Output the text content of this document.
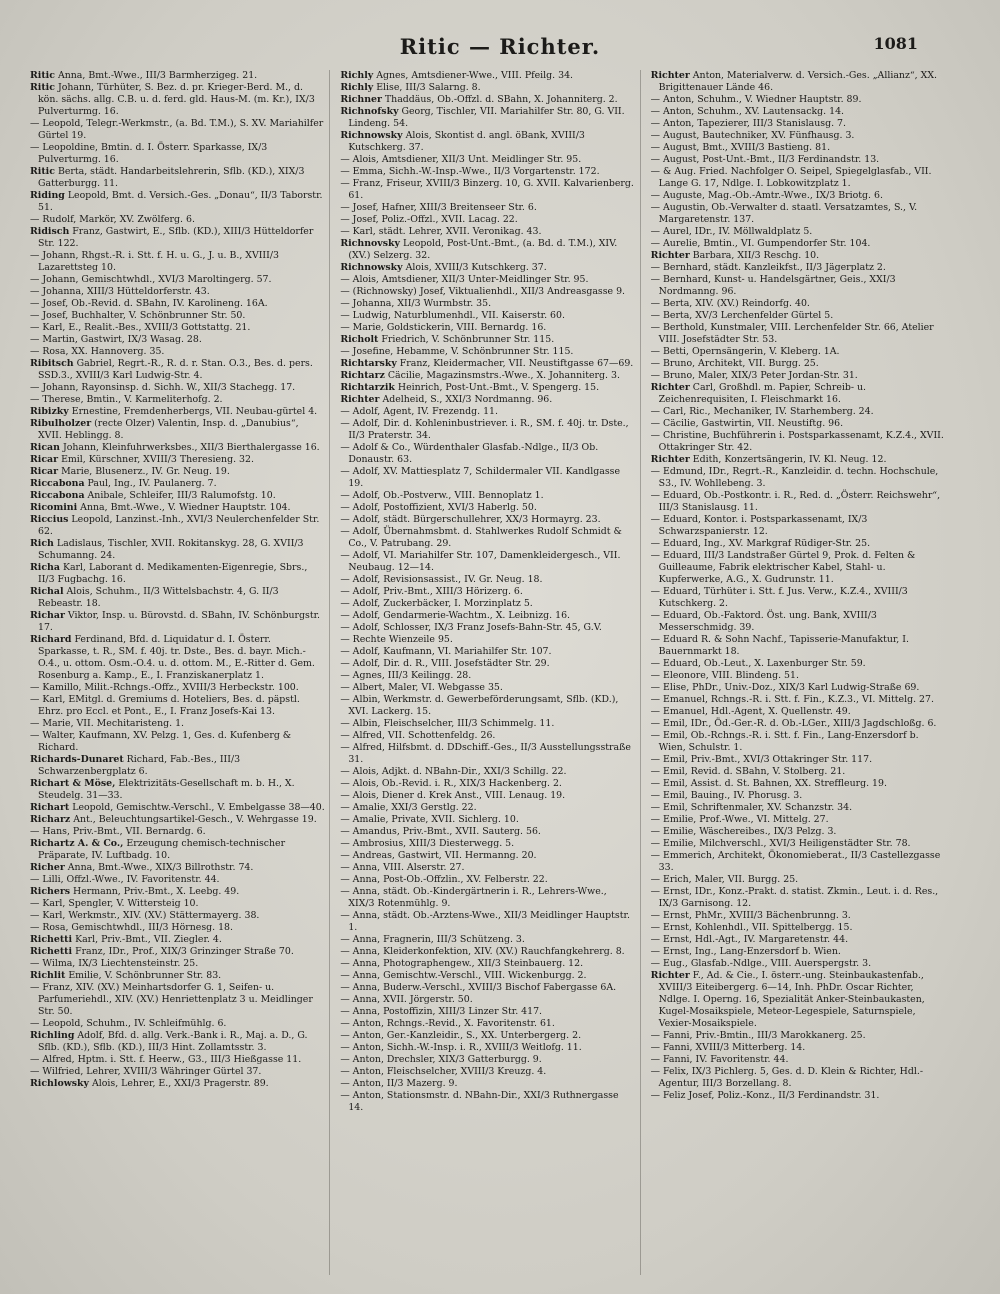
Ritic — Richter.	1081

Ritic Anna, Bmt.-Wwe., III/3 Barmherzigeg. 21.

Ritic Johann, Türhüter, S. Bez. d. pr. Krieger-Berd. M., d. kön. sächs. allg. C.B. u. d. ferd. gld. Haus-M. (m. Kr.), IX/3 Pulverturmg. 16.

— Leopold, Telegr.-Werkmstr., (a. Bd. T.M.), S. XV. Mariahilfer Gürtel 19.

— Leopoldine, Bmtin. d. I. Österr. Sparkasse, IX/3 Pulverturmg. 16.

Ritic Berta, städt. Handarbeitslehrerin, Sflb. (KD.), XIX/3 Gatterburgg. 11.

Riding Leopold, Bmt. d. Versich.-Ges. „Donau“, II/3 Taborstr. 51.

— Rudolf, Markör, XV. Zwölferg. 6.

Ridisch Franz, Gastwirt, E., Sflb. (KD.), XIII/3 Hütteldorfer Str. 122.

— Johann, Rhgst.-R. i. Stt. f. H. u. G., J. u. B., XVIII/3 Lazarettsteg 10.

— Johann, Gemischtwhdl., XVI/3 Maroltingerg. 57.

— Johanna, XIII/3 Hütteldorferstr. 43.

— Josef, Ob.-Revid. d. SBahn, IV. Karolineng. 16A.

— Josef, Buchhalter, V. Schönbrunner Str. 50.

— Karl, E., Realit.-Bes., XVIII/3 Gottstattg. 21.

— Martin, Gastwirt, IX/3 Wasag. 28.

— Rosa, XX. Hannoverg. 35.

Ribitsch Gabriel, Regrt.-R., R. d. r. Stan. O.3., Bes. d. pers. SSD.3., XVIII/3 Karl Ludwig-Str. 4.

— Johann, Rayonsinsp. d. Sichh. W., XII/3 Stachegg. 17.

— Therese, Bmtin., V. Karmeliterhofg. 2.

Ribizky Ernestine, Fremdenherbergs, VII. Neubau-gürtel 4.

Ribulholzer (recte Olzer) Valentin, Insp. d. „Danubius“, XVII. Heblingg. 8.

Rican Johann, Kleinfuhrwerksbes., XII/3 Bierthalergasse 16.

Ricar Emil, Kürschner, XVIII/3 Theresieng. 32.

Ricar Marie, Blusenerz., IV. Gr. Neug. 19.

Riccabona Paul, Ing., IV. Paulanerg. 7.

Riccabona Anibale, Schleifer, III/3 Ralumofstg. 10.

Ricomini Anna, Bmt.-Wwe., V. Wiedner Hauptstr. 104.

Riccius Leopold, Lanzinst.-Inh., XVI/3 Neulerchenfelder Str. 62.

Rich Ladislaus, Tischler, XVII. Rokitanskyg. 28, G. XVII/3 Schumanng. 24.

Richa Karl, Laborant d. Medikamenten-Eigenregie, Sbrs., II/3 Fugbachg. 16.

Richal Alois, Schuhm., II/3 Wittelsbachstr. 4, G. II/3 Rebeastr. 18.

Richar Viktor, Insp. u. Bürovstd. d. SBahn, IV. Schönburgstr. 17.

Richard Ferdinand, Bfd. d. Liquidatur d. I. Österr. Sparkasse, t. R., SM. f. 40j. tr. Dste., Bes. d. bayr. Mich.-O.4., u. ottom. Osm.-O.4. u. d. ottom. M., E.-Ritter d. Gem. Rosenburg a. Kamp., E., I. Franziskanerplatz 1.

— Kamillo, Milit.-Rchngs.-Offz., XVIII/3 Herbeckstr. 100.

— Karl, EMitgl. d. Gremiums d. Hoteliers, Bes. d. päpstl. Ehrz. pro Eccl. et Pont., E., I. Franz Josefs-Kai 13.

— Marie, VII. Mechitaristeng. 1.

— Walter, Kaufmann, XV. Pelzg. 1, Ges. d. Kufenberg & Richard.

Richards-Dunaret Richard, Fab.-Bes., III/3 Schwarzenbergplatz 6.

Richart & Möse, Elektrizitäts-Gesellschaft m. b. H., X. Steudelg. 31—33.

Richart Leopold, Gemischtw.-Verschl., V. Embelgasse 38—40.

Richarz Ant., Beleuchtungsartikel-Gesch., V. Wehrgasse 19.

— Hans, Priv.-Bmt., VII. Bernardg. 6.

Richartz A. & Co., Erzeugung chemisch-technischer Präparate, IV. Luftbadg. 10.

Richer Anna, Bmt.-Wwe., XIX/3 Billrothstr. 74.

— Lilli, Offzl.-Wwe., IV. Favoritenstr. 44.

Richers Hermann, Priv.-Bmt., X. Leebg. 49.

— Karl, Spengler, V. Wittersteig 10.

— Karl, Werkmstr., XIV. (XV.) Stättermayerg. 38.

— Rosa, Gemischtwhdl., III/3 Hörnesg. 18.

Richetti Karl, Priv.-Bmt., VII. Ziegler. 4.

Richetti Franz, IDr., Prof., XIX/3 Grinzinger Straße 70.

— Wilma, IX/3 Liechtensteinstr. 25.

Richlit Emilie, V. Schönbrunner Str. 83.

— Franz, XIV. (XV.) Meinhartsdorfer G. 1, Seifen- u. Parfumeriehdl., XIV. (XV.) Henriettenplatz 3 u. Meidlinger Str. 50.

— Leopold, Schuhm., IV. Schleifmühlg. 6.

Richling Adolf, Bfd. d. allg. Verk.-Bank i. R., Maj. a. D., G. Sflb. (KD.), Sflb. (KD.), III/3 Hint. Zollamtsstr. 3.

— Alfred, Hptm. i. Stt. f. Heerw., G3., III/3 Hießgasse 11.

— Wilfried, Lehrer, XVIII/3 Währinger Gürtel 37.

Richlowsky Alois, Lehrer, E., XXI/3 Pragerstr. 89.

Richly Agnes, Amtsdiener-Wwe., VIII. Pfeilg. 34.

Richly Elise, III/3 Salarng. 8.

Richner Thaddäus, Ob.-Offzl. d. SBahn, X. Johanniterg. 2.

Richnofsky Georg, Tischler, VII. Mariahilfer Str. 80, G. VII. Lindeng. 54.

Richnowsky Alois, Skontist d. angl. öBank, XVIII/3 Kutschkerg. 37.

— Alois, Amtsdiener, XII/3 Unt. Meidlinger Str. 95.

— Emma, Sichh.-W.-Insp.-Wwe., II/3 Vorgartenstr. 172.

— Franz, Friseur, XVIII/3 Binzerg. 10, G. XVII. Kalvarienberg. 61.

— Josef, Hafner, XIII/3 Breitenseer Str. 6.

— Josef, Poliz.-Offzl., XVII. Lacag. 22.

— Karl, städt. Lehrer, XVII. Veronikag. 43.

Richnovsky Leopold, Post-Unt.-Bmt., (a. Bd. d. T.M.), XIV. (XV.) Selzerg. 32.

Richnowsky Alois, XVIII/3 Kutschkerg. 37.

— Alois, Amtsdiener, XII/3 Unter-Meidlinger Str. 95.

— (Richnowsky) Josef, Viktualienhdl., XII/3 Andreasgasse 9.

— Johanna, XII/3 Wurmbstr. 35.

— Ludwig, Naturblumenhdl., VII. Kaiserstr. 60.

— Marie, Goldstickerin, VIII. Bernardg. 16.

Richolt Friedrich, V. Schönbrunner Str. 115.

— Josefine, Hebamme, V. Schönbrunner Str. 115.

Richtarsky Franz, Kleidermacher, VII. Neustiftgasse 67—69.

Richtarz Cäcilie, Magazinsmstrs.-Wwe., X. Johanniterg. 3.

Richtarzik Heinrich, Post-Unt.-Bmt., V. Spengerg. 15.

Richter Adelheid, S., XXI/3 Nordmanng. 96.

— Adolf, Agent, IV. Frezendg. 11.

— Adolf, Dir. d. Kohleninbustriever. i. R., SM. f. 40j. tr. Dste., II/3 Praterstr. 34.

— Adolf & Co., Würdenthaler Glasfab.-Ndlge., II/3 Ob. Donaustr. 63.

— Adolf, XV. Mattiesplatz 7, Schildermaler VII. Kandlgasse 19.

— Adolf, Ob.-Postverw., VIII. Bennoplatz 1.

— Adolf, Postoffizient, XVI/3 Haberlg. 50.

— Adolf, städt. Bürgerschullehrer, XX/3 Hormayrg. 23.

— Adolf, Übernahmsbmt. d. Stahlwerkes Rudolf Schmidt & Co., V. Patrubang. 29.

— Adolf, VI. Mariahilfer Str. 107, Damenkleidergesch., VII. Neubaug. 12—14.

— Adolf, Revisionsassist., IV. Gr. Neug. 18.

— Adolf, Priv.-Bmt., XIII/3 Hörizerg. 6.

— Adolf, Zuckerbäcker, I. Morzinplatz 5.

— Adolf, Gendarmerie-Wachtm., X. Leibnizg. 16.

— Adolf, Schlosser, IX/3 Franz Josefs-Bahn-Str. 45, G.V.

— Rechte Wienzeile 95.

— Adolf, Kaufmann, VI. Mariahilfer Str. 107.

— Adolf, Dir. d. R., VIII. Josefstädter Str. 29.

— Agnes, III/3 Keilingg. 28.

— Albert, Maler, VI. Webgasse 35.

— Albin, Werkmstr. d. Gewerbeförderungsamt, Sflb. (KD.), XVI. Lackerg. 15.

— Albin, Fleischselcher, III/3 Schimmelg. 11.

— Alfred, VII. Schottenfeldg. 26.

— Alfred, Hilfsbmt. d. DDschiff.-Ges., II/3 Ausstellungsstraße 31.

— Alois, Adjkt. d. NBahn-Dir., XXI/3 Schillg. 22.

— Alois, Ob.-Revid. i. R., XIX/3 Hackenberg. 2.

— Alois, Diener d. Krek Anst., VIII. Lenaug. 19.

— Amalie, XXI/3 Gerstlg. 22.

— Amalie, Private, XVII. Sichlerg. 10.

— Amandus, Priv.-Bmt., XVII. Sauterg. 56.

— Ambrosius, XIII/3 Diesterwegg. 5.

— Andreas, Gastwirt, VII. Hermanng. 20.

— Anna, VIII. Alserstr. 27.

— Anna, Post-Ob.-Offzlin., XV. Felberstr. 22.

— Anna, städt. Ob.-Kindergärtnerin i. R., Lehrers-Wwe., XIX/3 Rotenmühlg. 9.

— Anna, städt. Ob.-Arztens-Wwe., XII/3 Meidlinger Hauptstr. 1.

— Anna, Fragnerin, III/3 Schützeng. 3.

— Anna, Kleiderkonfektion, XIV. (XV.) Rauchfangkehrerg. 8.

— Anna, Photographengew., XII/3 Steinbauerg. 12.

— Anna, Gemischtw.-Verschl., VIII. Wickenburgg. 2.

— Anna, Buderw.-Verschl., XVIII/3 Bischof Fabergasse 6A.

— Anna, XVII. Jörgerstr. 50.

— Anna, Postoffizin, XIII/3 Linzer Str. 417.

— Anton, Rchngs.-Revid., X. Favoritenstr. 61.

— Anton, Ger.-Kanzleidir., S., XX. Unterbergerg. 2.

— Anton, Sichh.-W.-Insp. i. R., XVIII/3 Weitlofg. 11.

— Anton, Drechsler, XIX/3 Gatterburgg. 9.

— Anton, Fleischselcher, XVIII/3 Kreuzg. 4.

— Anton, II/3 Mazerg. 9.

— Anton, Stationsmstr. d. NBahn-Dir., XXI/3 Ruthnergasse 14.

Richter Anton, Materialverw. d. Versich.-Ges. „Allianz“, XX. Brigittenauer Lände 46.

— Anton, Schuhm., V. Wiedner Hauptstr. 89.

— Anton, Schuhm., XV. Lautensackg. 14.

— Anton, Tapezierer, III/3 Stanislausg. 7.

— August, Bautechniker, XV. Fünfhausg. 3.

— August, Bmt., XVIII/3 Bastieng. 81.

— August, Post-Unt.-Bmt., II/3 Ferdinandstr. 13.

— & Aug. Fried. Nachfolger O. Seipel, Spiegelglasfab., VII. Lange G. 17, Ndlge. I. Lobkowitzplatz 1.

— Auguste, Mag.-Ob.-Amtr.-Wwe., IX/3 Briotg. 6.

— Augustin, Ob.-Verwalter d. staatl. Versatzamtes, S., V. Margaretenstr. 137.

— Aurel, IDr., IV. Möllwaldplatz 5.

— Aurelie, Bmtin., VI. Gumpendorfer Str. 104.

Richter Barbara, XII/3 Reschg. 10.

— Bernhard, städt. Kanzleikfst., II/3 Jägerplatz 2.

— Bernhard, Kunst- u. Handelsgärtner, Geis., XXI/3 Nordmanng. 96.

— Berta, XIV. (XV.) Reindorfg. 40.

— Berta, XV/3 Lerchenfelder Gürtel 5.

— Berthold, Kunstmaler, VIII. Lerchenfelder Str. 66, Atelier VIII. Josefstädter Str. 53.

— Betti, Opernsängerin, V. Kleberg. 1A.

— Bruno, Architekt, VII. Burgg. 25.

— Bruno, Maler, XIX/3 Peter Jordan-Str. 31.

Richter Carl, Großhdl. m. Papier, Schreib- u. Zeichenrequisiten, I. Fleischmarkt 16.

— Carl, Ric., Mechaniker, IV. Starhemberg. 24.

— Cäcilie, Gastwirtin, VII. Neustiftg. 96.

— Christine, Buchführerin i. Postsparkassenamt, K.Z.4., XVII. Ottakringer Str. 42.

Richter Edith, Konzertsängerin, IV. Kl. Neug. 12.

— Edmund, IDr., Regrt.-R., Kanzleidir. d. techn. Hochschule, S3., IV. Wohllebeng. 3.

— Eduard, Ob.-Postkontr. i. R., Red. d. „Österr. Reichswehr“, III/3 Stanislausg. 11.

— Eduard, Kontor. i. Postsparkassenamt, IX/3 Schwarzspanierstr. 12.

— Eduard, Ing., XV. Markgraf Rüdiger-Str. 25.

— Eduard, III/3 Landstraßer Gürtel 9, Prok. d. Felten & Guilleaume, Fabrik elektrischer Kabel, Stahl- u. Kupferwerke, A.G., X. Gudrunstr. 11.

— Eduard, Türhüter i. Stt. f. Jus. Verw., K.Z.4., XVIII/3 Kutschkerg. 2.

— Eduard, Ob.-Faktord. Öst. ung. Bank, XVIII/3 Messerschmidg. 39.

— Eduard R. & Sohn Nachf., Tapisserie-Manufaktur, I. Bauernmarkt 18.

— Eduard, Ob.-Leut., X. Laxenburger Str. 59.

— Eleonore, VIII. Blindeng. 51.

— Elise, PhDr., Univ.-Doz., XIX/3 Karl Ludwig-Straße 69.

— Emanuel, Rchngs.-R. i. Stt. f. Fin., K.Z.3., VI. Mittelg. 27.

— Emanuel, Hdl.-Agent, X. Quellenstr. 49.

— Emil, IDr., Öd.-Ger.-R. d. Ob.-LGer., XIII/3 Jagdschloßg. 6.

— Emil, Ob.-Rchngs.-R. i. Stt. f. Fin., Lang-Enzersdorf b. Wien, Schulstr. 1.

— Emil, Priv.-Bmt., XVI/3 Ottakringer Str. 117.

— Emil, Revid. d. SBahn, V. Stolberg. 21.

— Emil, Assist. d. St. Bahnen, XX. Streffleurg. 19.

— Emil, Bauing., IV. Phorusg. 3.

— Emil, Schriftenmaler, XV. Schanzstr. 34.

— Emilie, Prof.-Wwe., VI. Mittelg. 27.

— Emilie, Wäschereibes., IX/3 Pelzg. 3.

— Emilie, Milchverschl., XVI/3 Heiligenstädter Str. 78.

— Emmerich, Architekt, Ökonomieberat., II/3 Castellezgasse 33.

— Erich, Maler, VII. Burgg. 25.

— Ernst, IDr., Konz.-Prakt. d. statist. Zkmin., Leut. i. d. Res., IX/3 Garnisong. 12.

— Ernst, PhMr., XVIII/3 Bächenbrunng. 3.

— Ernst, Kohlenhdl., VII. Spittelbergg. 15.

— Ernst, Hdl.-Agt., IV. Margaretenstr. 44.

— Ernst, Ing., Lang-Enzersdorf b. Wien.

— Eug., Glasfab.-Ndlge., VIII. Auerspergstr. 3.

Richter F., Ad. & Cie., I. österr.-ung. Steinbaukastenfab., XVIII/3 Eiteibergerg. 6—14, Inh. PhDr. Oscar Richter, Ndlge. I. Operng. 16, Spezialität Anker-Steinbaukasten, Kugel-Mosaikspiele, Meteor-Legespiele, Saturnspiele, Vexier-Mosaikspiele.

— Fanni, Priv.-Bmtin., III/3 Marokkanerg. 25.

— Fanni, XVIII/3 Mitterberg. 14.

— Fanni, IV. Favoritenstr. 44.

— Felix, IX/3 Pichlerg. 5, Ges. d. D. Klein & Richter, Hdl.-Agentur, III/3 Borzellang. 8.

— Feliz Josef, Poliz.-Konz., II/3 Ferdinandstr. 31.
